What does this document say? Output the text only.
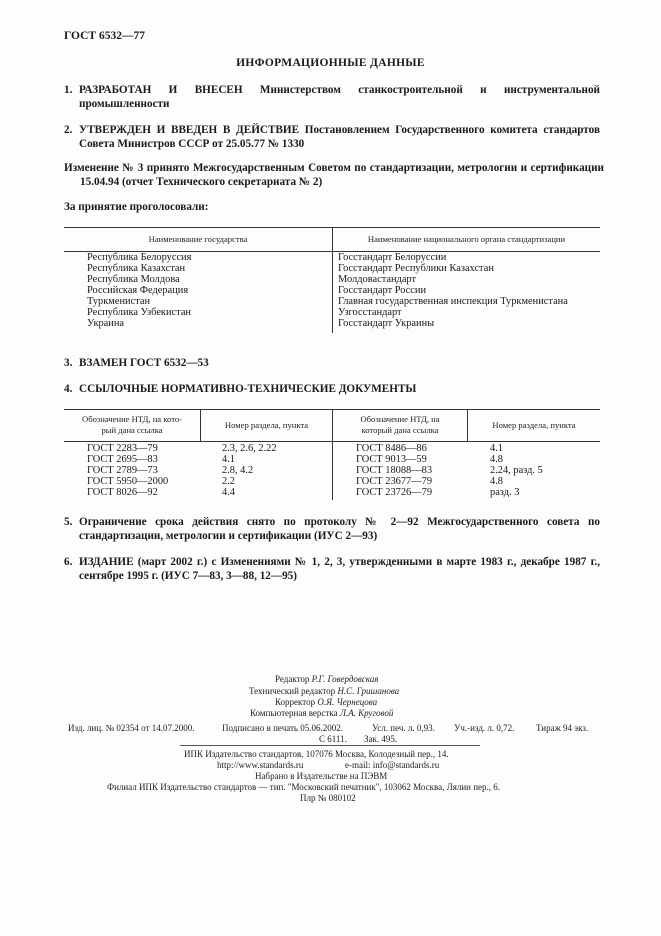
ГОСТ 6532—77
ИНФОРМАЦИОННЫЕ ДАННЫЕ
1. РАЗРАБОТАН И ВНЕСЕН Министерством станкостроительной и инструментальной промышленности
2. УТВЕРЖДЕН И ВВЕДЕН В ДЕЙСТВИЕ Постановлением Государственного комитета стандартов Совета Министров СССР от 25.05.77 № 1330
Изменение № 3 принято Межгосударственным Советом по стандартизации, метрологии и сертификации
15.04.94 (отчет Технического секретариата № 2)
За принятие проголосовали:
Наименование государства	Наименование национального органа стандартизации
Республика Белоруссия	Госстандарт Белоруссии
Республика Казахстан	Госстандарт Республики Казахстан
Республика Молдова	Молдовастандарт
Российская Федерация	Госстандарт России
Туркменистан	Главная государственная инспекция Туркменистана
Республика Узбекистан	Узгосстандарт
Украина	Госстандарт Украины
3. ВЗАМЕН ГОСТ 6532—53
4. ССЫЛОЧНЫЕ НОРМАТИВНО-ТЕХНИЧЕСКИЕ ДОКУМЕНТЫ
Обозначение НТД, на кото-
рый дана ссылка	Номер раздела, пункта
Обозначение НТД, на
который дана ссылка	Номер раздела, пункта
ГОСТ 2283—79	2.3, 2.6, 2.22	ГОСТ 8486—86	4.1
ГОСТ 2695—83	4.1	ГОСТ 9013—59	4.8
ГОСТ 2789—73	2.8, 4.2	ГОСТ 18088—83	2.24, разд. 5
ГОСТ 5950—2000	2.2	ГОСТ 23677—79	4.8
ГОСТ 8026—92	4.4	ГОСТ 23726—79	разд. 3
5. Ограничение срока действия снято по протоколу № 2—92 Межгосударственного совета по стандартизации, метрологии и сертификации (ИУС 2—93)
6. ИЗДАНИЕ (март 2002 г.) с Изменениями № 1, 2, 3, утвержденными в марте 1983 г., декабре 1987 г., сентябре 1995 г. (ИУС 7—83, 3—88, 12—95)
Редактор Р.Г. Говердовская
Технический редактор Н.С. Гришанова
Корректор О.Я. Чернецова
Компьютерная верстка Л.А. Круговой
Изд. лиц. № 02354 от 14.07.2000.	Подписано в печать 05.06.2002.	Усл. печ. л. 0,93. Уч.-изд. л. 0,72. Тираж 94 экз.
С 6111. Зак. 495.
ИПК Издательство стандартов, 107076 Москва, Колодезный пер., 14.
http://www.standards.ru	e-mail: info@standards.ru
Набрано в Издательстве на ПЭВМ
Филиал ИПК Издательство стандартов — тип. "Московский печатник", 103062 Москва, Лялин пер., 6.
Плр № 080102
